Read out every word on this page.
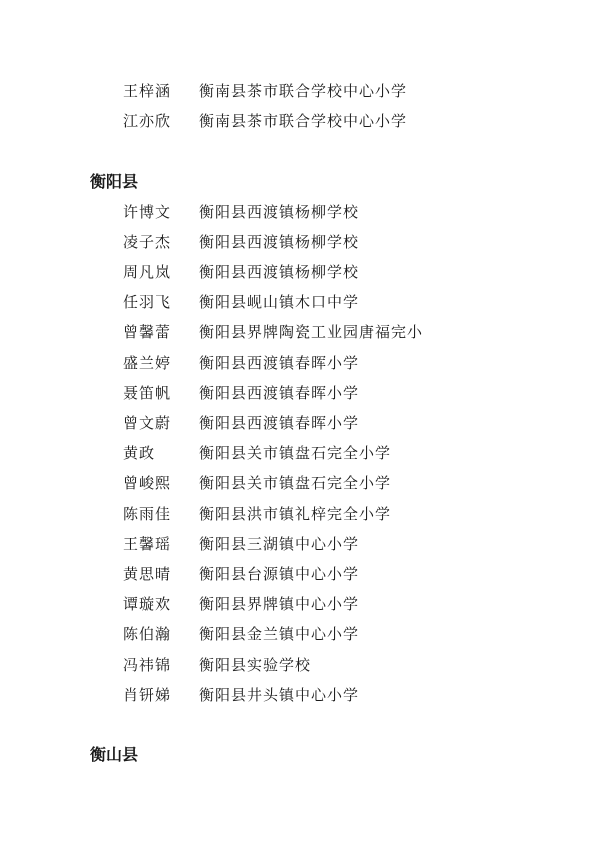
王梓涵 衡南县茶市联合学校中心小学
江亦欣 衡南县茶市联合学校中心小学
衡阳县
许博文 衡阳县西渡镇杨柳学校
凌子杰 衡阳县西渡镇杨柳学校
周凡岚 衡阳县西渡镇杨柳学校
任羽飞 衡阳县岘山镇木口中学
曾馨蕾 衡阳县界牌陶瓷工业园唐福完小
盛兰婷 衡阳县西渡镇春晖小学
聂笛帆 衡阳县西渡镇春晖小学
曾文蔚 衡阳县西渡镇春晖小学
黄政	衡阳县关市镇盘石完全小学
曾峻熙 衡阳县关市镇盘石完全小学
陈雨佳 衡阳县洪市镇礼梓完全小学
王馨瑶 衡阳县三湖镇中心小学
黄思晴 衡阳县台源镇中心小学
谭璇欢 衡阳县界牌镇中心小学
陈伯瀚 衡阳县金兰镇中心小学
冯祎锦 衡阳县实验学校
肖钘娣 衡阳县井头镇中心小学
衡山县
